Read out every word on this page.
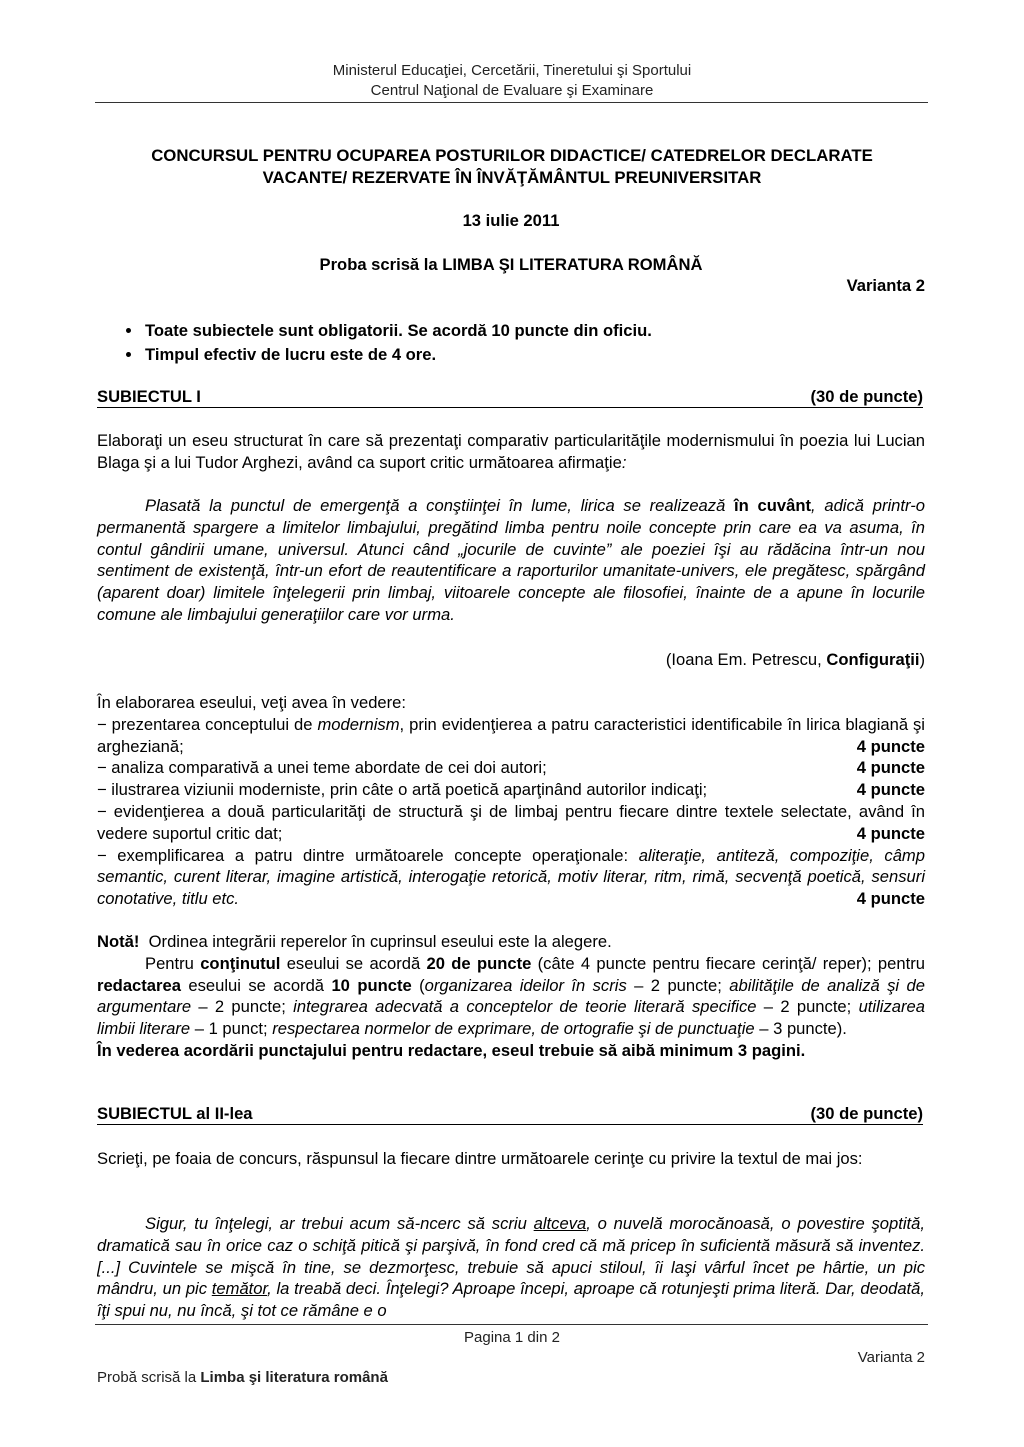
Ministerul Educaţiei, Cercetării, Tineretului şi Sportului
Centrul Naţional de Evaluare şi Examinare
CONCURSUL PENTRU OCUPAREA POSTURILOR DIDACTICE/ CATEDRELOR DECLARATE
VACANTE/ REZERVATE ÎN ÎNVĂŢĂMÂNTUL PREUNIVERSITAR
13 iulie 2011
Proba scrisă la LIMBA ŞI LITERATURA ROMÂNĂ
Varianta 2
• Toate subiectele sunt obligatorii. Se acordă 10 puncte din oficiu.
• Timpul efectiv de lucru este de 4 ore.
SUBIECTUL I	(30 de puncte)
Elaboraţi un eseu structurat în care să prezentaţi comparativ particularităţile modernismului în poezia lui Lucian Blaga şi a lui Tudor Arghezi, având ca suport critic următoarea afirmaţie:
Plasată la punctul de emergenţă a conştiinţei în lume, lirica se realizează în cuvânt, adică printr-o permanentă spargere a limitelor limbajului, pregătind limba pentru noile concepte prin care ea va asuma, în contul gândirii umane, universul. Atunci când „jocurile de cuvinte” ale poeziei îşi au rădăcina într-un nou sentiment de existenţă, într-un efort de reautentificare a raporturilor umanitate-univers, ele pregătesc, spărgând (aparent doar) limitele înţelegerii prin limbaj, viitoarele concepte ale filosofiei, înainte de a apune în locurile comune ale limbajului generaţiilor care vor urma.
(Ioana Em. Petrescu, Configuraţii)
În elaborarea eseului, veţi avea în vedere:
− prezentarea conceptului de modernism, prin evidenţierea a patru caracteristici identificabile în lirica blagiană şi argheziană;	4 puncte
− analiza comparativă a unei teme abordate de cei doi autori;	4 puncte
− ilustrarea viziunii moderniste, prin câte o artă poetică aparţinând autorilor indicaţi;	4 puncte
− evidenţierea a două particularităţi de structură şi de limbaj pentru fiecare dintre textele selectate, având în vedere suportul critic dat;	4 puncte
− exemplificarea a patru dintre următoarele concepte operaţionale: aliteraţie, antiteză, compoziţie, câmp semantic, curent literar, imagine artistică, interogaţie retorică, motiv literar, ritm, rimă, secvenţă poetică, sensuri conotative, titlu etc.	4 puncte
Notă! Ordinea integrării reperelor în cuprinsul eseului este la alegere.
Pentru conţinutul eseului se acordă 20 de puncte (câte 4 puncte pentru fiecare cerinţă/ reper); pentru redactarea eseului se acordă 10 puncte (organizarea ideilor în scris – 2 puncte; abilităţile de analiză şi de argumentare – 2 puncte; integrarea adecvată a conceptelor de teorie literară specifice – 2 puncte; utilizarea limbii literare – 1 punct; respectarea normelor de exprimare, de ortografie şi de punctuaţie – 3 puncte).
În vederea acordării punctajului pentru redactare, eseul trebuie să aibă minimum 3 pagini.
SUBIECTUL al II-lea	(30 de puncte)
Scrieţi, pe foaia de concurs, răspunsul la fiecare dintre următoarele cerinţe cu privire la textul de mai jos:
Sigur, tu înţelegi, ar trebui acum să-ncerc să scriu altceva, o nuvelă morocănoasă, o povestire şoptită, dramatică sau în orice caz o schiţă pitică şi parşivă, în fond cred că mă pricep în suficientă măsură să inventez. [...] Cuvintele se mişcă în tine, se dezmorţesc, trebuie să apuci stiloul, îi laşi vârful încet pe hârtie, un pic mândru, un pic temător, la treabă deci. Înţelegi? Aproape începi, aproape că rotunjeşti prima literă. Dar, deodată, îţi spui nu, nu încă, şi tot ce rămâne e o
Pagina 1 din 2
Varianta 2
Probă scrisă la Limba şi literatura română
